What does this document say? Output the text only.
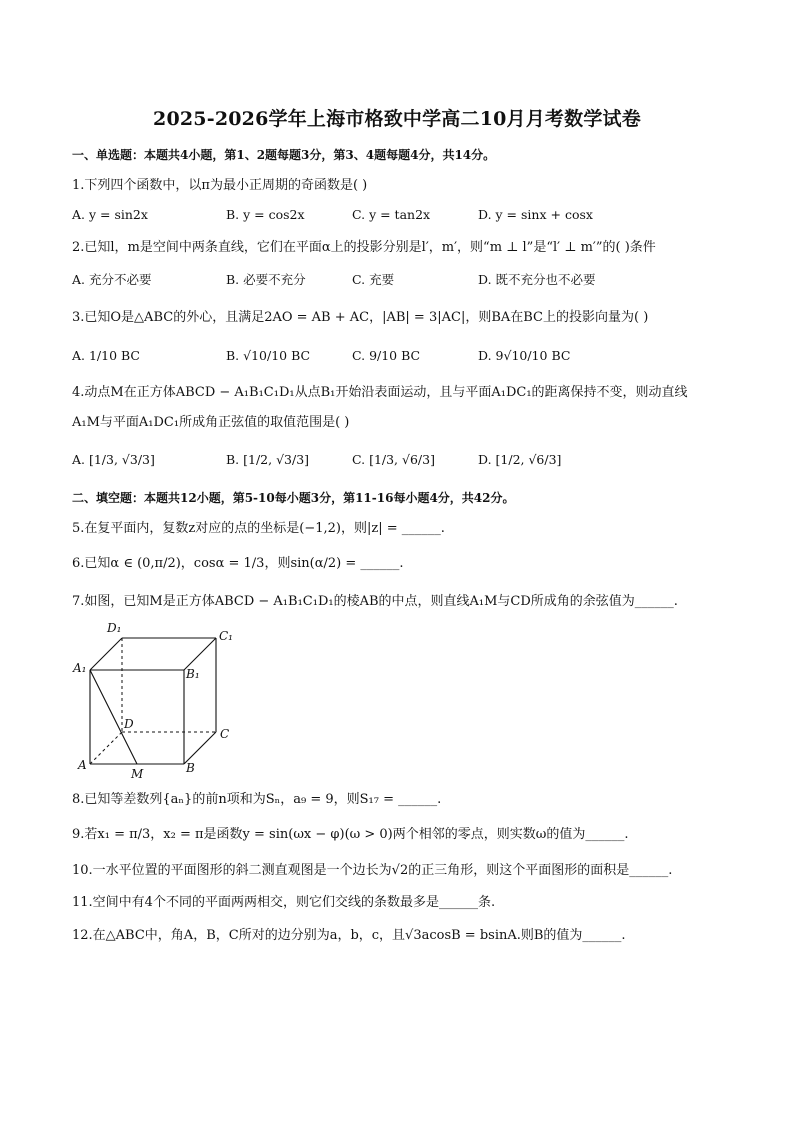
2025-2026学年上海市格致中学高二10月月考数学试卷
一、单选题：本题共4小题，第1、2题每题3分，第3、4题每题4分，共14分。
1.下列四个函数中，以π为最小正周期的奇函数是( )
A. y = sin2x	B. y = cos2x	C. y = tan2x	D. y = sinx + cosx
2.已知l，m是空间中两条直线，它们在平面α上的投影分别是l′，m′，则“m ⊥ l”是“l′ ⊥ m′”的( )条件
A. 充分不必要	B. 必要不充分	C. 充要	D. 既不充分也不必要
3.已知O是△ABC的外心，且满足2AO = AB + AC，|AB| = 3|AC|，则BA在BC上的投影向量为( )
A. 1/10 BC	B. √10/10 BC	C. 9/10 BC	D. 9√10/10 BC
4.动点M在正方体ABCD − A₁B₁C₁D₁从点B₁开始沿表面运动，且与平面A₁DC₁的距离保持不变，则动直线
A₁M与平面A₁DC₁所成角正弦值的取值范围是( )
A. [1/3, √3/3]	B. [1/2, √3/3]	C. [1/3, √6/3]	D. [1/2, √6/3]
二、填空题：本题共12小题，第5-10每小题3分，第11-16每小题4分，共42分。
5.在复平面内，复数z对应的点的坐标是(−1,2)，则|z| = ______.
6.已知α ∈ (0,π/2)，cosα = 1/3，则sin(α/2) = ______.
7.如图，已知M是正方体ABCD − A₁B₁C₁D₁的棱AB的中点，则直线A₁M与CD所成角的余弦值为______.
D₁
C₁
A₁	B₁
D
C
A
M	B
8.已知等差数列{aₙ}的前n项和为Sₙ，a₉ = 9，则S₁₇ = ______.
9.若x₁ = π/3，x₂ = π是函数y = sin(ωx − φ)(ω > 0)两个相邻的零点，则实数ω的值为______.
10.一水平位置的平面图形的斜二测直观图是一个边长为√2的正三角形，则这个平面图形的面积是______.
11.空间中有4个不同的平面两两相交，则它们交线的条数最多是______条.
12.在△ABC中，角A，B，C所对的边分别为a，b，c，且√3acosB = bsinA.则B的值为______.
